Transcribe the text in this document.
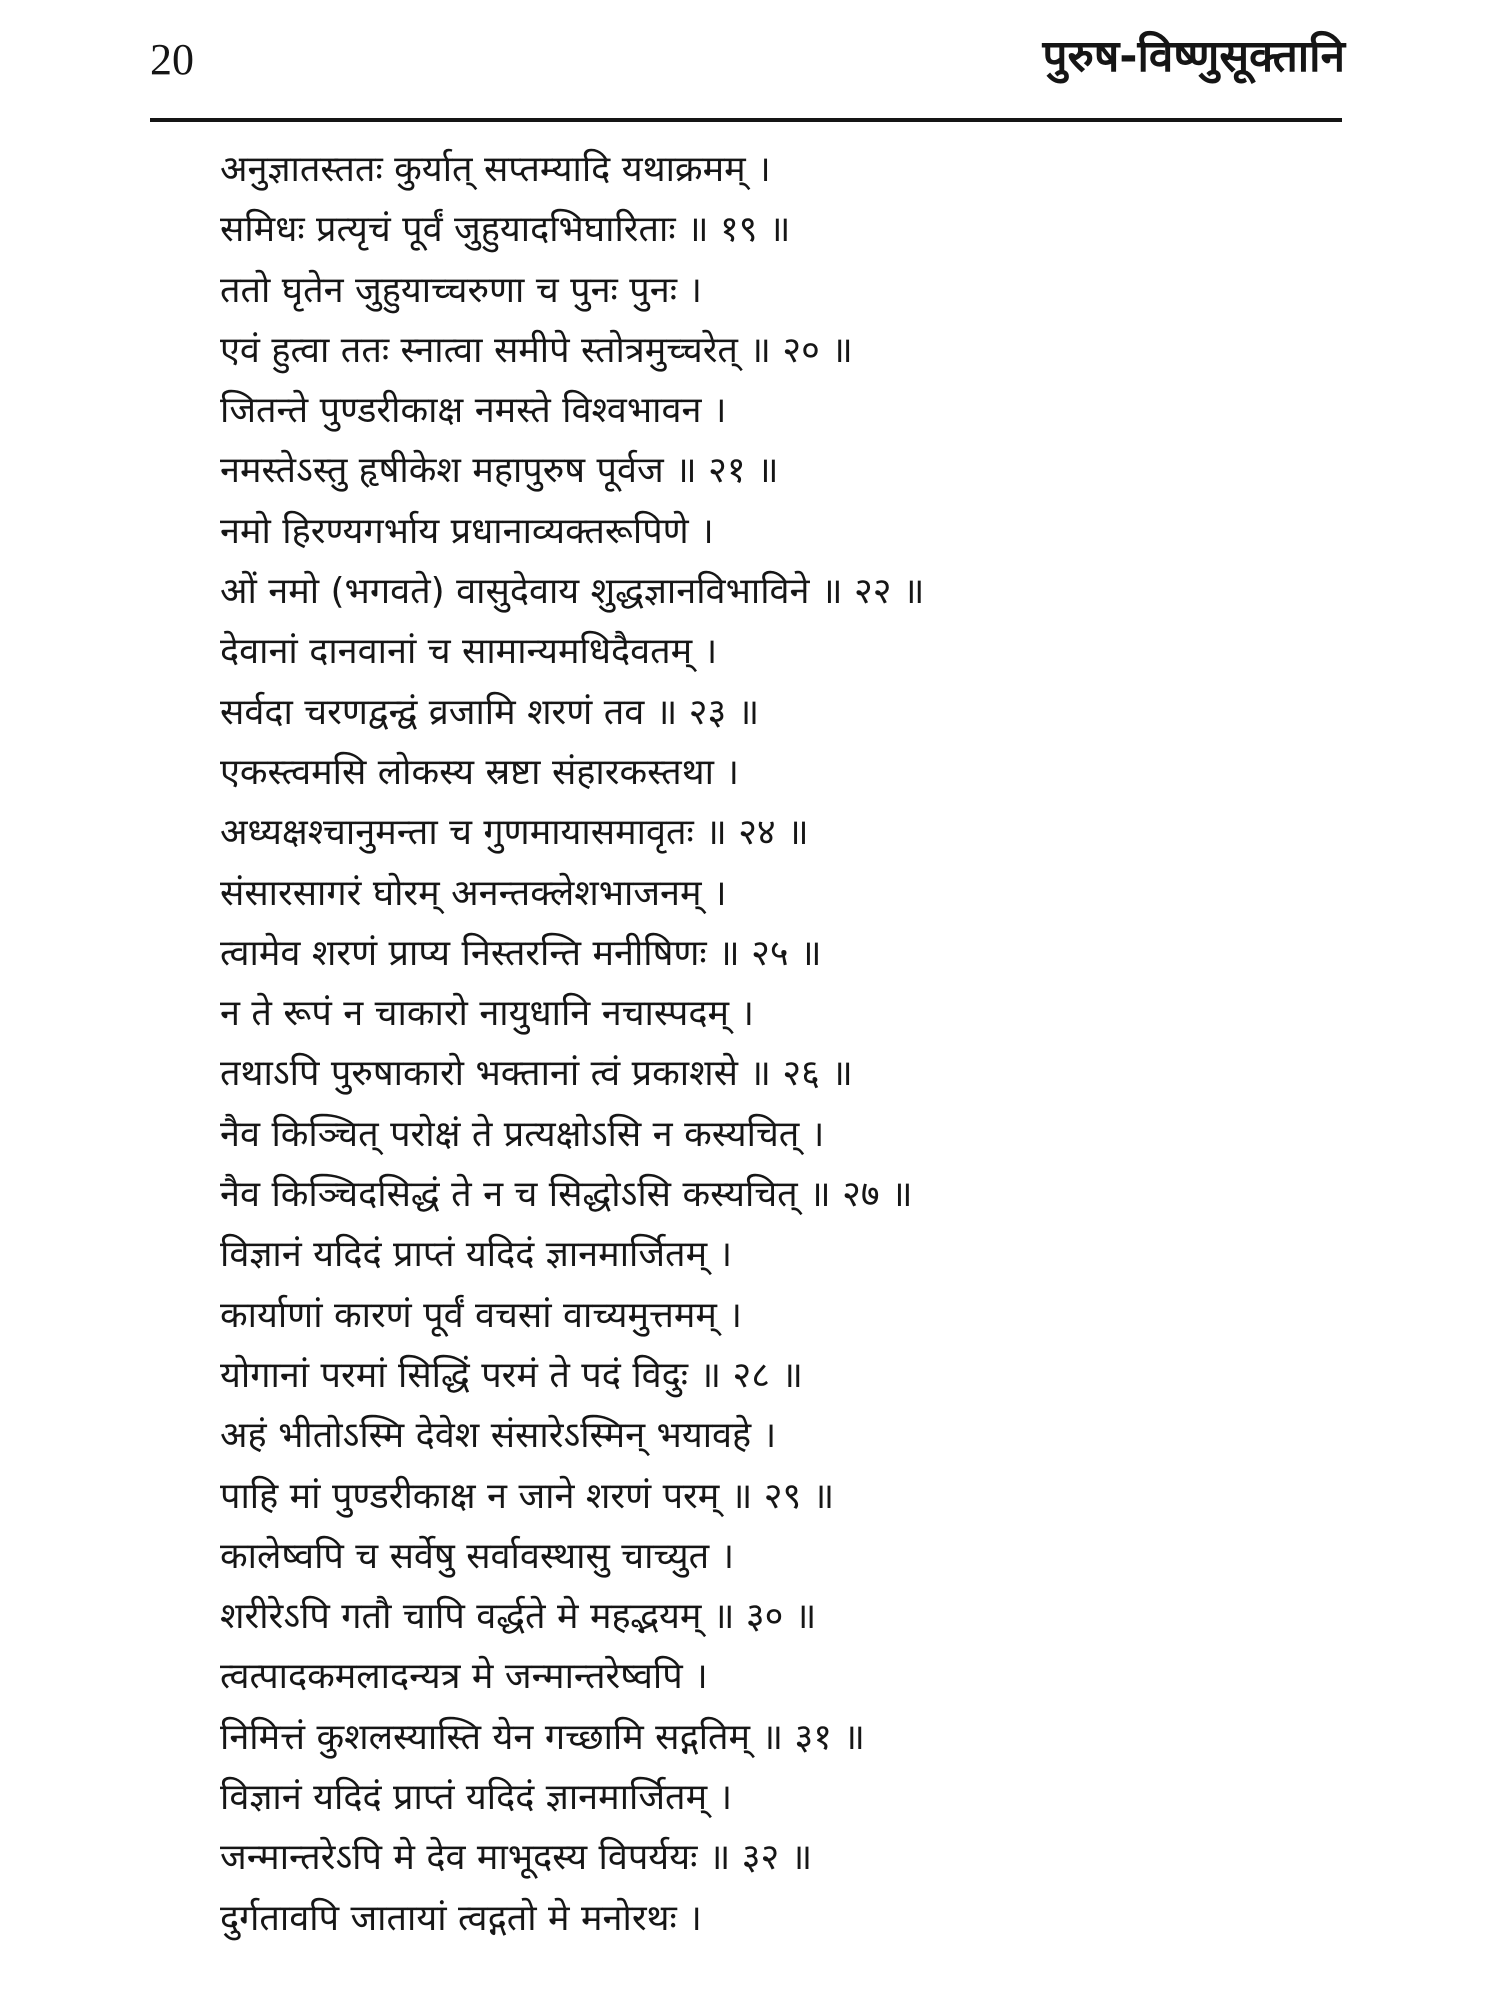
20	पुरुष-विष्णुसूक्तानि
अनुज्ञातस्ततः कुर्यात् सप्तम्यादि यथाक्रमम् ।
समिधः प्रत्यृचं पूर्वं जुहुयादभिघारिताः ॥ १९ ॥
ततो घृतेन जुहुयाच्चरुणा च पुनः पुनः ।
एवं हुत्वा ततः स्नात्वा समीपे स्तोत्रमुच्चरेत् ॥ २० ॥
जितन्ते पुण्डरीकाक्ष नमस्ते विश्वभावन ।
नमस्तेऽस्तु हृषीकेश महापुरुष पूर्वज ॥ २१ ॥
नमो हिरण्यगर्भाय प्रधानाव्यक्तरूपिणे ।
ओं नमो (भगवते) वासुदेवाय शुद्धज्ञानविभाविने ॥ २२ ॥
देवानां दानवानां च सामान्यमधिदैवतम् ।
सर्वदा चरणद्वन्द्वं व्रजामि शरणं तव ॥ २३ ॥
एकस्त्वमसि लोकस्य स्रष्टा संहारकस्तथा ।
अध्यक्षश्चानुमन्ता च गुणमायासमावृतः ॥ २४ ॥
संसारसागरं घोरम् अनन्तक्लेशभाजनम् ।
त्वामेव शरणं प्राप्य निस्तरन्ति मनीषिणः ॥ २५ ॥
न ते रूपं न चाकारो नायुधानि नचास्पदम् ।
तथाऽपि पुरुषाकारो भक्तानां त्वं प्रकाशसे ॥ २६ ॥
नैव किञ्चित् परोक्षं ते प्रत्यक्षोऽसि न कस्यचित् ।
नैव किञ्चिदसिद्धं ते न च सिद्धोऽसि कस्यचित् ॥ २७ ॥
विज्ञानं यदिदं प्राप्तं यदिदं ज्ञानमार्जितम् ।
कार्याणां कारणं पूर्वं वचसां वाच्यमुत्तमम् ।
योगानां परमां सिद्धिं परमं ते पदं विदुः ॥ २८ ॥
अहं भीतोऽस्मि देवेश संसारेऽस्मिन् भयावहे ।
पाहि मां पुण्डरीकाक्ष न जाने शरणं परम् ॥ २९ ॥
कालेष्वपि च सर्वेषु सर्वावस्थासु चाच्युत ।
शरीरेऽपि गतौ चापि वर्द्धते मे महद्भयम् ॥ ३० ॥
त्वत्पादकमलादन्यत्र मे जन्मान्तरेष्वपि ।
निमित्तं कुशलस्यास्ति येन गच्छामि सद्गतिम् ॥ ३१ ॥
विज्ञानं यदिदं प्राप्तं यदिदं ज्ञानमार्जितम् ।
जन्मान्तरेऽपि मे देव माभूदस्य विपर्ययः ॥ ३२ ॥
दुर्गतावपि जातायां त्वद्गतो मे मनोरथः ।
